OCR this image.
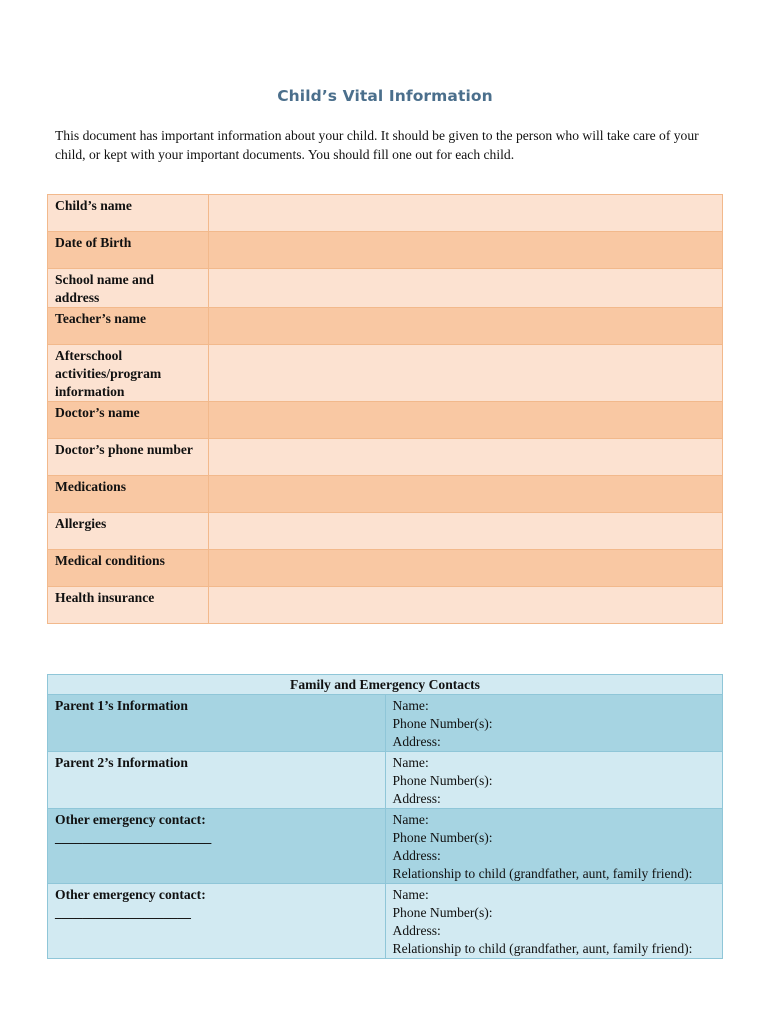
Child’s Vital Information

This document has important information about your child. It should be given to the person who will take care of your child, or kept with your important documents. You should fill one out for each child.

Child’s name	
Date of Birth	
School name and address	
Teacher’s name	
Afterschool activities/program information	
Doctor’s name	
Doctor’s phone number	
Medications	
Allergies	
Medical conditions	
Health insurance	
Family and Emergency Contacts	

Parent 1’s Information	Name:
Phone Number(s):
Address:

Parent 2’s Information	Name:
Phone Number(s):
Address:

Other emergency contact:
_______________________	Name:
Phone Number(s):
Address:
Relationship to child (grandfather, aunt, family friend):

Other emergency contact:
____________________	Name:
Phone Number(s):
Address:
Relationship to child (grandfather, aunt, family friend):
